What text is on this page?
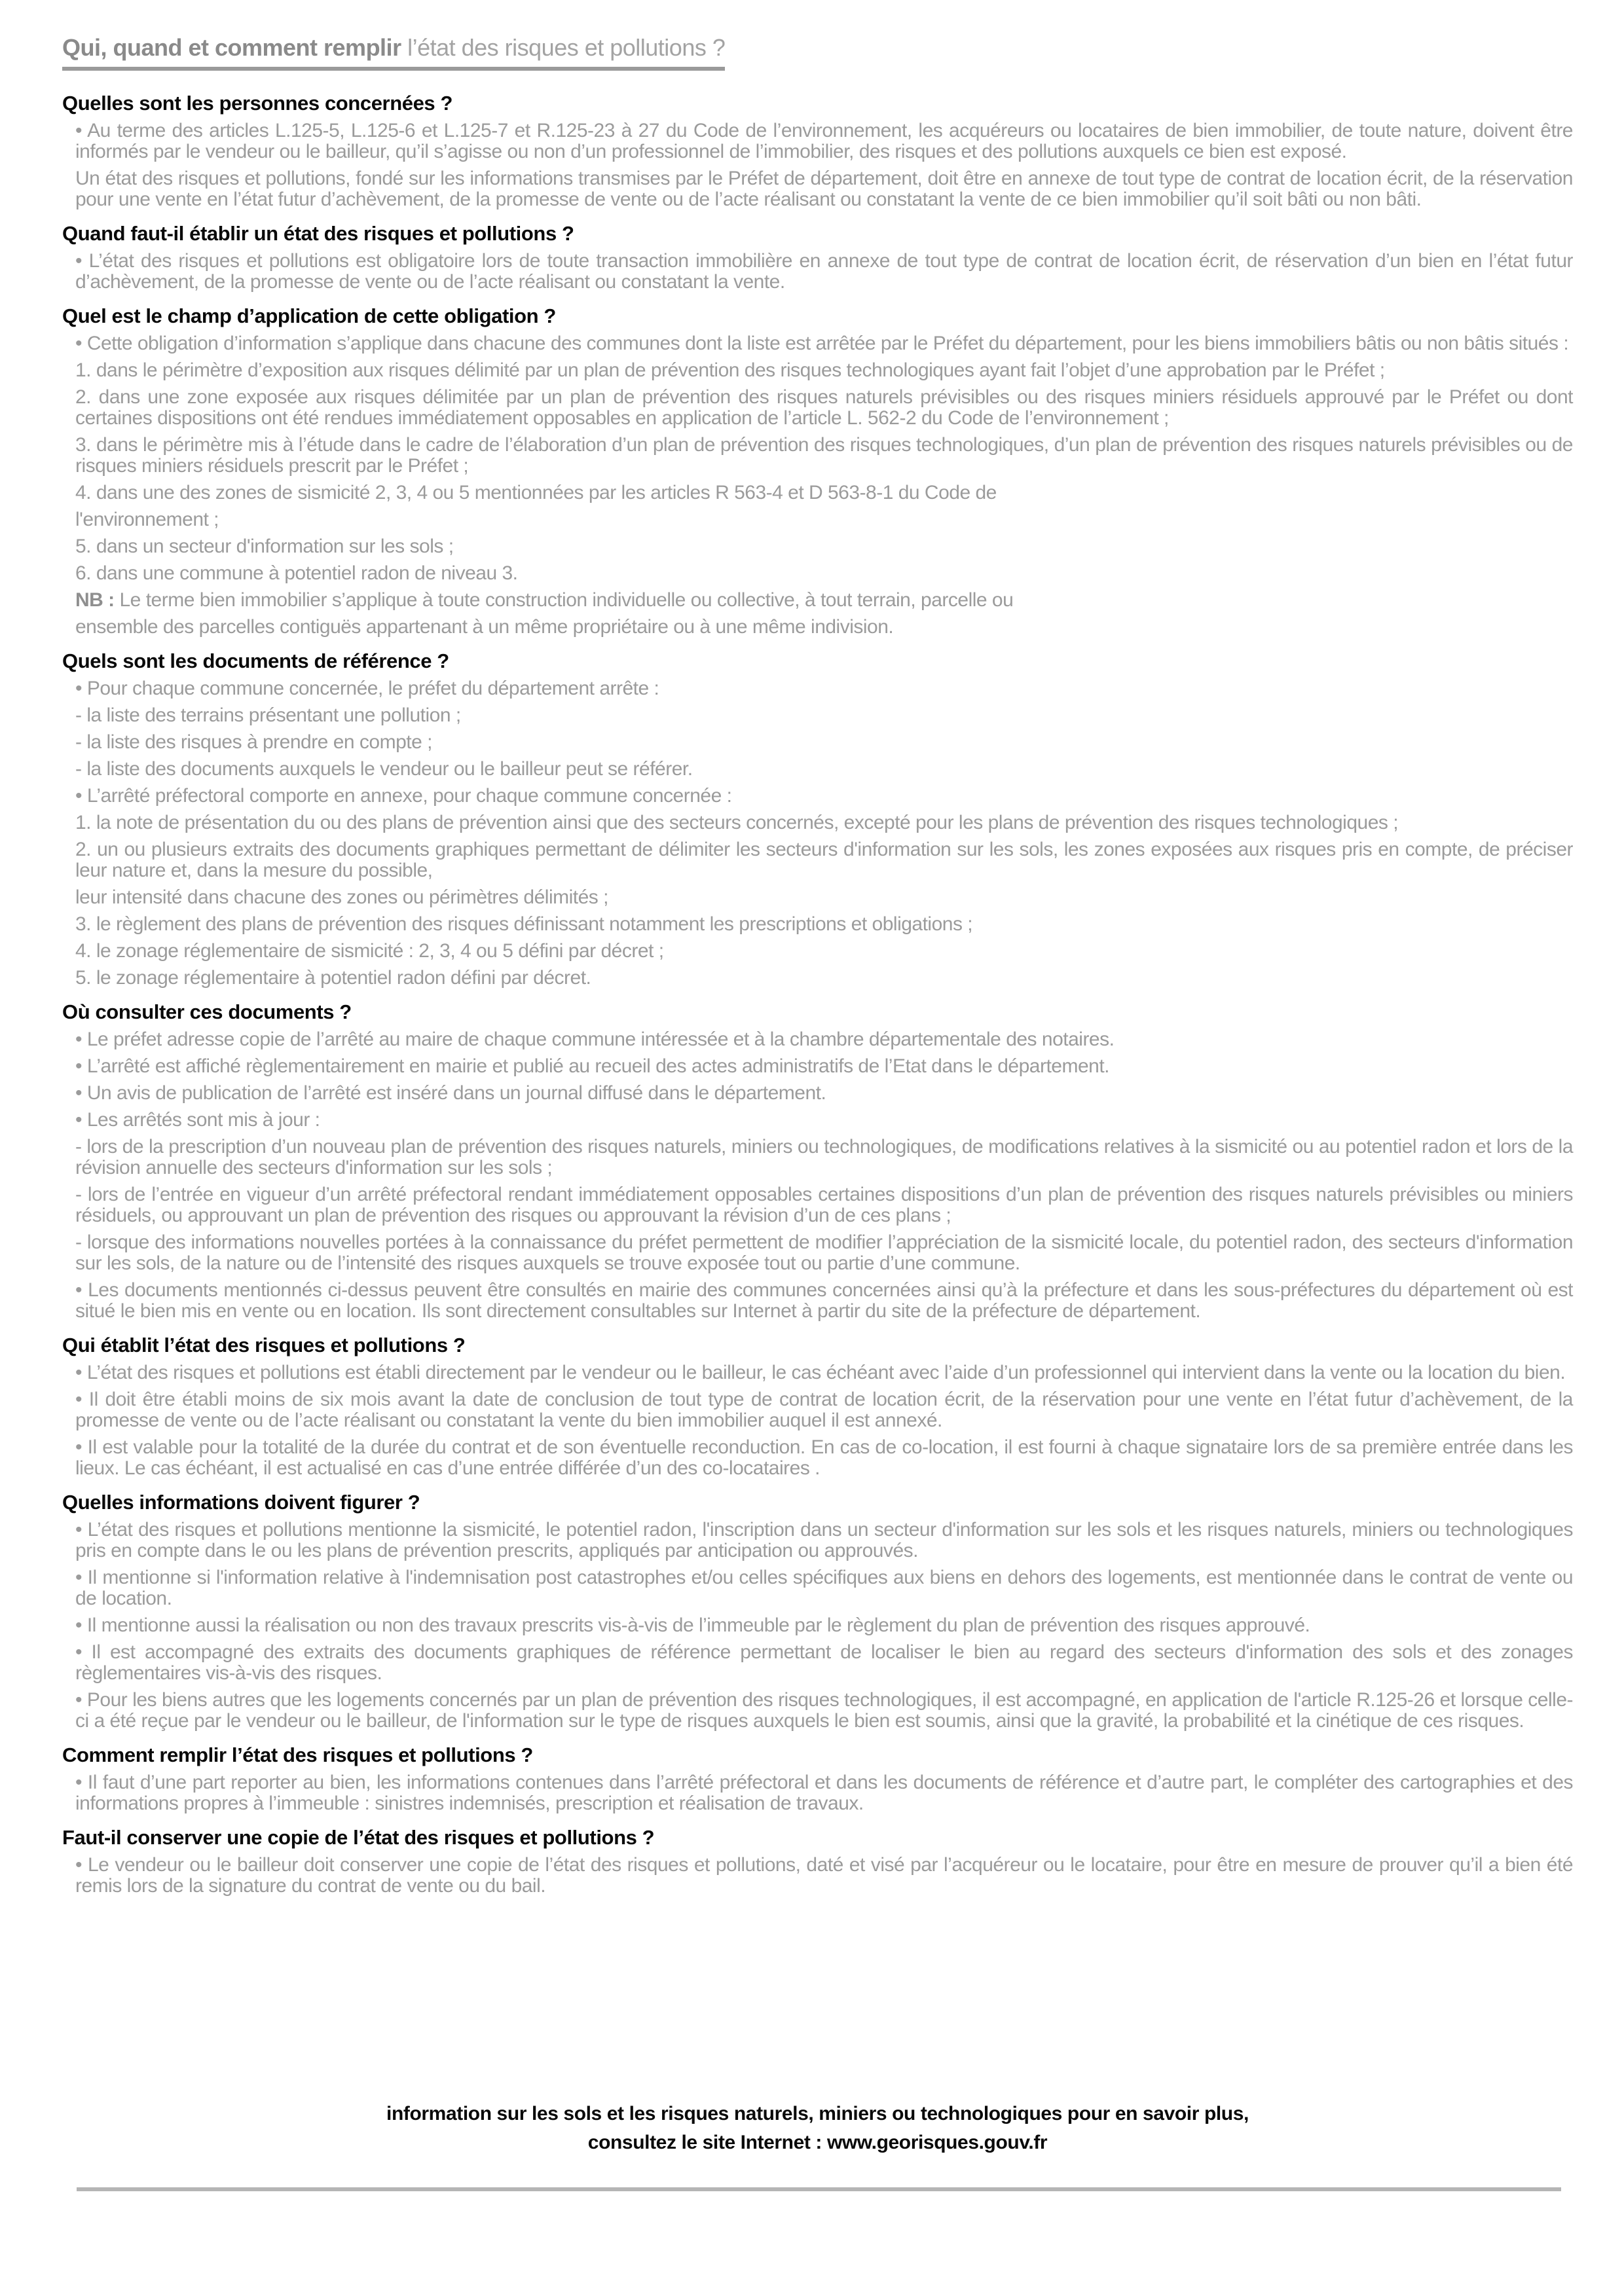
Qui, quand et comment remplir l’état des risques et pollutions ?
Quelles sont les personnes concernées ?

• Au terme des articles L.125-5, L.125-6 et L.125-7 et R.125-23 à 27 du Code de l’environnement, les acquéreurs ou locataires de bien immobilier, de toute nature, doivent être informés par le vendeur ou le bailleur, qu’il s’agisse ou non d’un professionnel de l’immobilier, des risques et des pollutions auxquels ce bien est exposé.

Un état des risques et pollutions, fondé sur les informations transmises par le Préfet de département, doit être en annexe de tout type de contrat de location écrit, de la réservation pour une vente en l’état futur d’achèvement, de la promesse de vente ou de l’acte réalisant ou constatant la vente de ce bien immobilier qu’il soit bâti ou non bâti.

Quand faut-il établir un état des risques et pollutions ?

• L’état des risques et pollutions est obligatoire lors de toute transaction immobilière en annexe de tout type de contrat de location écrit, de réservation d’un bien en l’état futur d’achèvement, de la promesse de vente ou de l’acte réalisant ou constatant la vente.

Quel est le champ d’application de cette obligation ?

• Cette obligation d’information s’applique dans chacune des communes dont la liste est arrêtée par le Préfet du département, pour les biens immobiliers bâtis ou non bâtis situés :

1. dans le périmètre d’exposition aux risques délimité par un plan de prévention des risques technologiques ayant fait l’objet d’une approbation par le Préfet ;

2. dans une zone exposée aux risques délimitée par un plan de prévention des risques naturels prévisibles ou des risques miniers résiduels approuvé par le Préfet ou dont certaines dispositions ont été rendues immédiatement opposables en application de l’article L. 562-2 du Code de l’environnement ;

3. dans le périmètre mis à l’étude dans le cadre de l’élaboration d’un plan de prévention des risques technologiques, d’un plan de prévention des risques naturels prévisibles ou de risques miniers résiduels prescrit par le Préfet ;

4. dans une des zones de sismicité 2, 3, 4 ou 5 mentionnées par les articles R 563-4 et D 563-8-1 du Code de

l'environnement ;

5. dans un secteur d'information sur les sols ;

6. dans une commune à potentiel radon de niveau 3.

NB : Le terme bien immobilier s’applique à toute construction individuelle ou collective, à tout terrain, parcelle ou

ensemble des parcelles contiguës appartenant à un même propriétaire ou à une même indivision.

Quels sont les documents de référence ?

• Pour chaque commune concernée, le préfet du département arrête :

- la liste des terrains présentant une pollution ;

- la liste des risques à prendre en compte ;

- la liste des documents auxquels le vendeur ou le bailleur peut se référer.

• L’arrêté préfectoral comporte en annexe, pour chaque commune concernée :

1. la note de présentation du ou des plans de prévention ainsi que des secteurs concernés, excepté pour les plans de prévention des risques technologiques ;

2. un ou plusieurs extraits des documents graphiques permettant de délimiter les secteurs d'information sur les sols, les zones exposées aux risques pris en compte, de préciser leur nature et, dans la mesure du possible,

leur intensité dans chacune des zones ou périmètres délimités ;

3. le règlement des plans de prévention des risques définissant notamment les prescriptions et obligations ;

4. le zonage réglementaire de sismicité : 2, 3, 4 ou 5 défini par décret ;

5. le zonage réglementaire à potentiel radon défini par décret.

Où consulter ces documents ?

• Le préfet adresse copie de l’arrêté au maire de chaque commune intéressée et à la chambre départementale des notaires.

• L’arrêté est affiché règlementairement en mairie et publié au recueil des actes administratifs de l’Etat dans le département.

• Un avis de publication de l’arrêté est inséré dans un journal diffusé dans le département.

• Les arrêtés sont mis à jour :

- lors de la prescription d’un nouveau plan de prévention des risques naturels, miniers ou technologiques, de modifications relatives à la sismicité ou au potentiel radon et lors de la révision annuelle des secteurs d'information sur les sols ;

- lors de l’entrée en vigueur d’un arrêté préfectoral rendant immédiatement opposables certaines dispositions d’un plan de prévention des risques naturels prévisibles ou miniers résiduels, ou approuvant un plan de prévention des risques ou approuvant la révision d’un de ces plans ;

- lorsque des informations nouvelles portées à la connaissance du préfet permettent de modifier l’appréciation de la sismicité locale, du potentiel radon, des secteurs d'information sur les sols, de la nature ou de l’intensité des risques auxquels se trouve exposée tout ou partie d’une commune.

• Les documents mentionnés ci-dessus peuvent être consultés en mairie des communes concernées ainsi qu’à la préfecture et dans les sous-préfectures du département où est situé le bien mis en vente ou en location. Ils sont directement consultables sur Internet à partir du site de la préfecture de département.

Qui établit l’état des risques et pollutions ?

• L’état des risques et pollutions est établi directement par le vendeur ou le bailleur, le cas échéant avec l’aide d’un professionnel qui intervient dans la vente ou la location du bien.

• Il doit être établi moins de six mois avant la date de conclusion de tout type de contrat de location écrit, de la réservation pour une vente en l’état futur d’achèvement, de la promesse de vente ou de l’acte réalisant ou constatant la vente du bien immobilier auquel il est annexé.

• Il est valable pour la totalité de la durée du contrat et de son éventuelle reconduction. En cas de co-location, il est fourni à chaque signataire lors de sa première entrée dans les lieux. Le cas échéant, il est actualisé en cas d’une entrée différée d’un des co-locataires .

Quelles informations doivent figurer ?

• L’état des risques et pollutions mentionne la sismicité, le potentiel radon, l'inscription dans un secteur d'information sur les sols et les risques naturels, miniers ou technologiques pris en compte dans le ou les plans de prévention prescrits, appliqués par anticipation ou approuvés.

• Il mentionne si l'information relative à l'indemnisation post catastrophes et/ou celles spécifiques aux biens en dehors des logements, est mentionnée dans le contrat de vente ou de location.

• Il mentionne aussi la réalisation ou non des travaux prescrits vis-à-vis de l’immeuble par le règlement du plan de prévention des risques approuvé.

• Il est accompagné des extraits des documents graphiques de référence permettant de localiser le bien au regard des secteurs d'information des sols et des zonages règlementaires vis-à-vis des risques.

• Pour les biens autres que les logements concernés par un plan de prévention des risques technologiques, il est accompagné, en application de l'article R.125-26 et lorsque celle-ci a été reçue par le vendeur ou le bailleur, de l'information sur le type de risques auxquels le bien est soumis, ainsi que la gravité, la probabilité et la cinétique de ces risques.

Comment remplir l’état des risques et pollutions ?

• Il faut d’une part reporter au bien, les informations contenues dans l’arrêté préfectoral et dans les documents de référence et d’autre part, le compléter des cartographies et des informations propres à l’immeuble : sinistres indemnisés, prescription et réalisation de travaux.

Faut-il conserver une copie de l’état des risques et pollutions ?

• Le vendeur ou le bailleur doit conserver une copie de l’état des risques et pollutions, daté et visé par l’acquéreur ou le locataire, pour être en mesure de prouver qu’il a bien été remis lors de la signature du contrat de vente ou du bail.

information sur les sols et les risques naturels, miniers ou technologiques pour en savoir plus,
consultez le site Internet : www.georisques.gouv.fr
